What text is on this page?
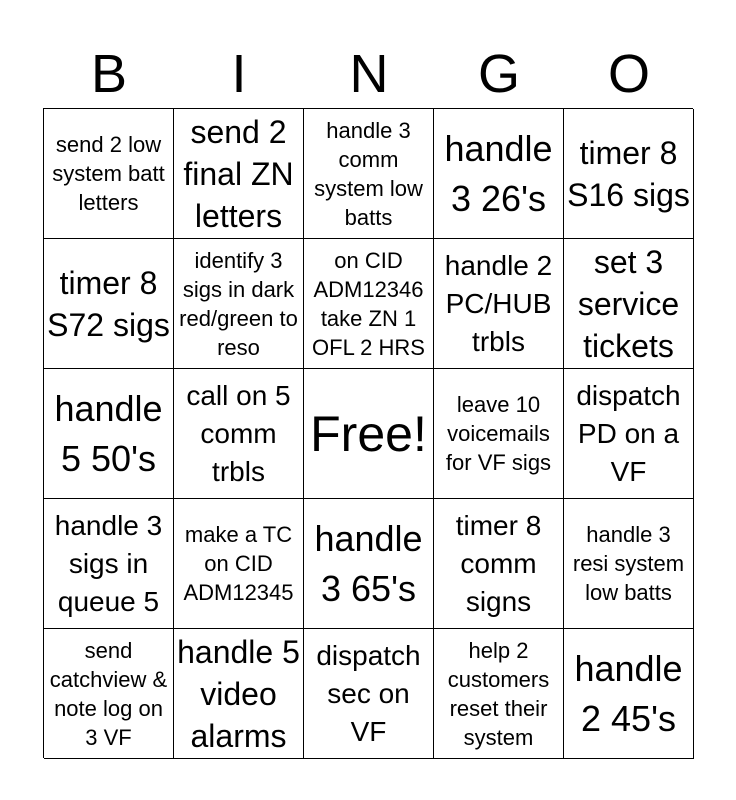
B	I	N	G	O
send 2 low system batt letters
send 2 final ZN letters
handle 3 comm system low batts
handle 3 26's
timer 8 S16 sigs
timer 8 S72 sigs
identify 3 sigs in dark red/green to reso
on CID ADM12346 take ZN 1 OFL 2 HRS
handle 2 PC/HUB trbls
set 3 service tickets
handle 5 50's
call on 5 comm trbls
Free!
leave 10 voicemails for VF sigs
dispatch PD on a VF
handle 3 sigs in queue 5
make a TC on CID ADM12345
handle 3 65's
timer 8 comm signs
handle 3 resi system low batts
send catchview & note log on 3 VF
handle 5 video alarms
dispatch sec on VF
help 2 customers reset their system
handle 2 45's
